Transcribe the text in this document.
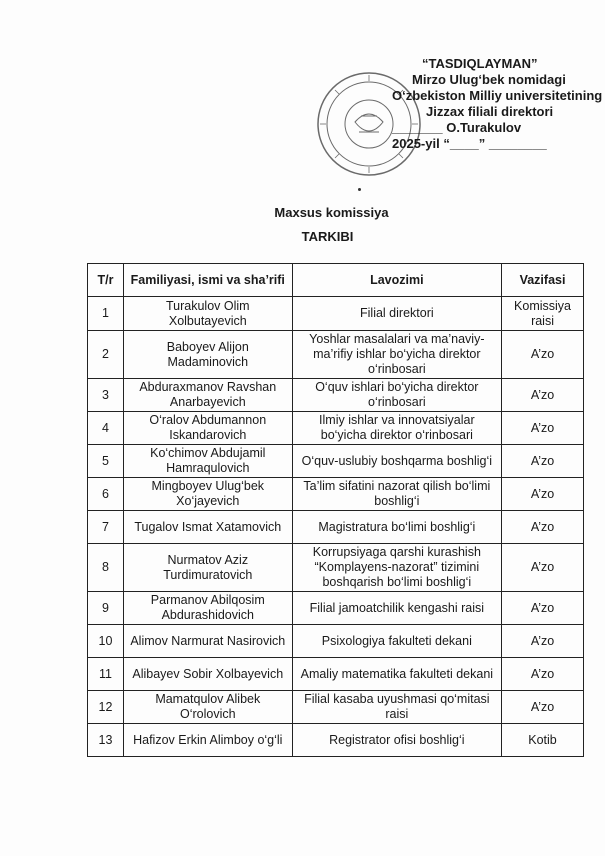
“TASDIQLAYMAN”
Mirzo Ulug‘bek nomidagi
O‘zbekiston Milliy universitetining
Jizzax filiali direktori
_______ O.Turakulov
2025-yil “____” ________
Maxsus komissiya
TARKIBI
T/r	Familiyasi, ismi va sha’rifi	Lavozimi	Vazifasi
1	Turakulov Olim Xolbutayevich	Filial direktori	Komissiya raisi
2	Baboyev Alijon Madaminovich	Yoshlar masalalari va ma’naviy-ma’rifiy ishlar bo‘yicha direktor o‘rinbosari	A’zo
3	Abduraxmanov Ravshan Anarbayevich	O‘quv ishlari bo‘yicha direktor o‘rinbosari	A’zo
4	O‘ralov Abdumannon Iskandarovich	Ilmiy ishlar va innovatsiyalar bo‘yicha direktor o‘rinbosari	A’zo
5	Ko‘chimov Abdujamil Hamraqulovich	O‘quv-uslubiy boshqarma boshlig‘i	A’zo
6	Mingboyev Ulug‘bek Xo‘jayevich	Ta’lim sifatini nazorat qilish bo‘limi boshlig‘i	A’zo
7	Tugalov Ismat Xatamovich	Magistratura bo‘limi boshlig‘i	A’zo
8	Nurmatov Aziz Turdimuratovich	Korrupsiyaga qarshi kurashish “Komplayens-nazorat” tizimini boshqarish bo‘limi boshlig‘i	A’zo
9	Parmanov Abilqosim Abdurashidovich	Filial jamoatchilik kengashi raisi	A’zo
10	Alimov Narmurat Nasirovich	Psixologiya fakulteti dekani	A’zo
11	Alibayev Sobir Xolbayevich	Amaliy matematika fakulteti dekani	A’zo
12	Mamatqulov Alibek O‘rolovich	Filial kasaba uyushmasi qo‘mitasi raisi	A’zo
13	Hafizov Erkin Alimboy o‘g‘li	Registrator ofisi boshlig‘i	Kotib
